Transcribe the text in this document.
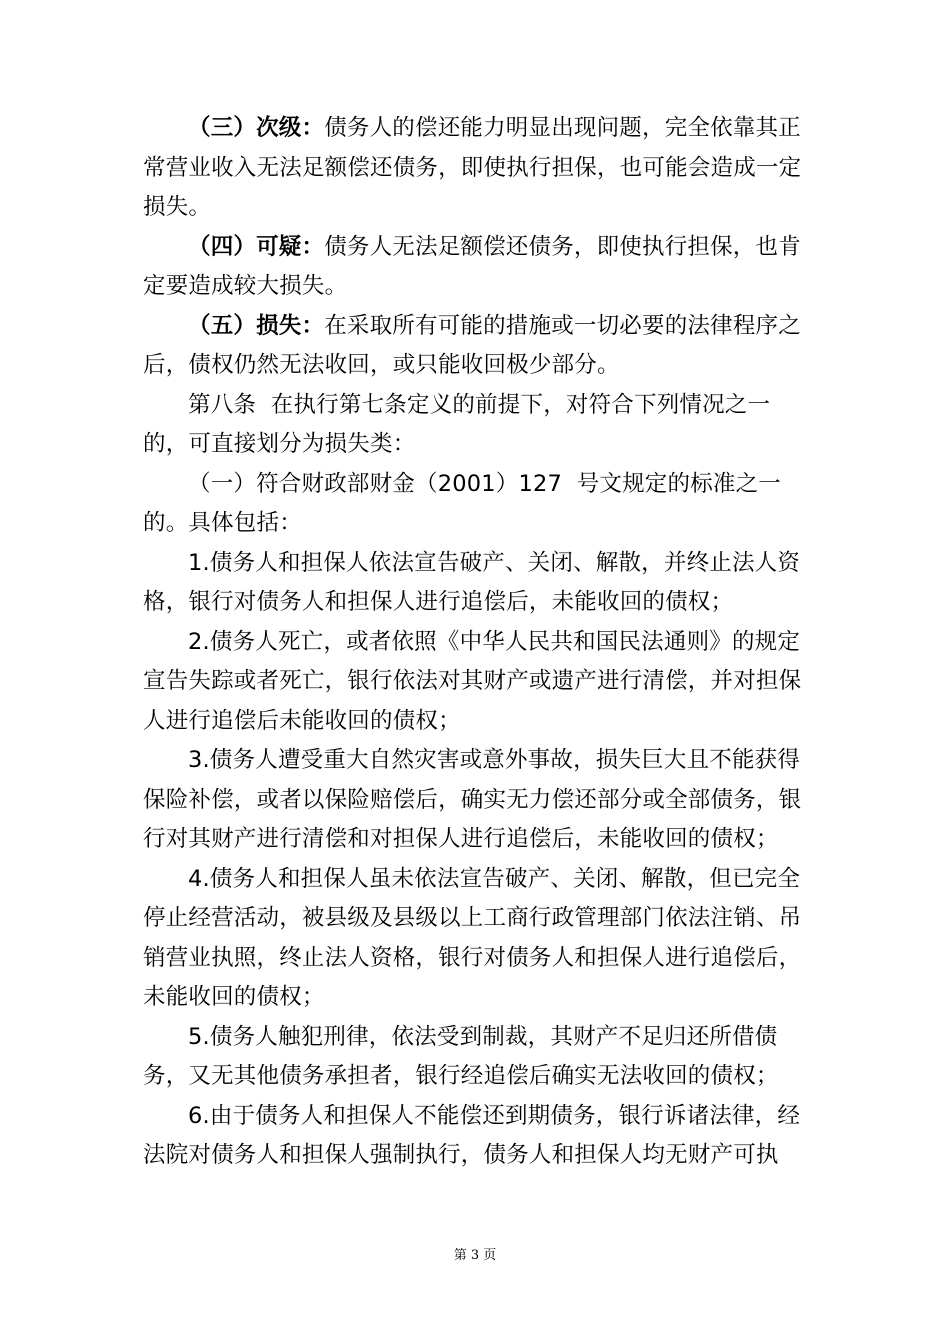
（三）次级：债务人的偿还能力明显出现问题，完全依靠其正常营业收入无法足额偿还债务，即使执行担保，也可能会造成一定损失。

（四）可疑：债务人无法足额偿还债务，即使执行担保，也肯定要造成较大损失。

（五）损失：在采取所有可能的措施或一切必要的法律程序之后，债权仍然无法收回，或只能收回极少部分。

第八条  在执行第七条定义的前提下，对符合下列情况之一的，可直接划分为损失类：

（一）符合财政部财金（2001）127  号文规定的标准之一的。具体包括：

1.债务人和担保人依法宣告破产、关闭、解散，并终止法人资格，银行对债务人和担保人进行追偿后，未能收回的债权；

2.债务人死亡，或者依照《中华人民共和国民法通则》的规定宣告失踪或者死亡，银行依法对其财产或遗产进行清偿，并对担保人进行追偿后未能收回的债权；

3.债务人遭受重大自然灾害或意外事故，损失巨大且不能获得保险补偿，或者以保险赔偿后，确实无力偿还部分或全部债务，银行对其财产进行清偿和对担保人进行追偿后，未能收回的债权；

4.债务人和担保人虽未依法宣告破产、关闭、解散，但已完全停止经营活动，被县级及县级以上工商行政管理部门依法注销、吊销营业执照，终止法人资格，银行对债务人和担保人进行追偿后，未能收回的债权；

5.债务人触犯刑律，依法受到制裁，其财产不足归还所借债务，又无其他债务承担者，银行经追偿后确实无法收回的债权；

6.由于债务人和担保人不能偿还到期债务，银行诉诸法律，经法院对债务人和担保人强制执行，债务人和担保人均无财产可执

第 3 页
